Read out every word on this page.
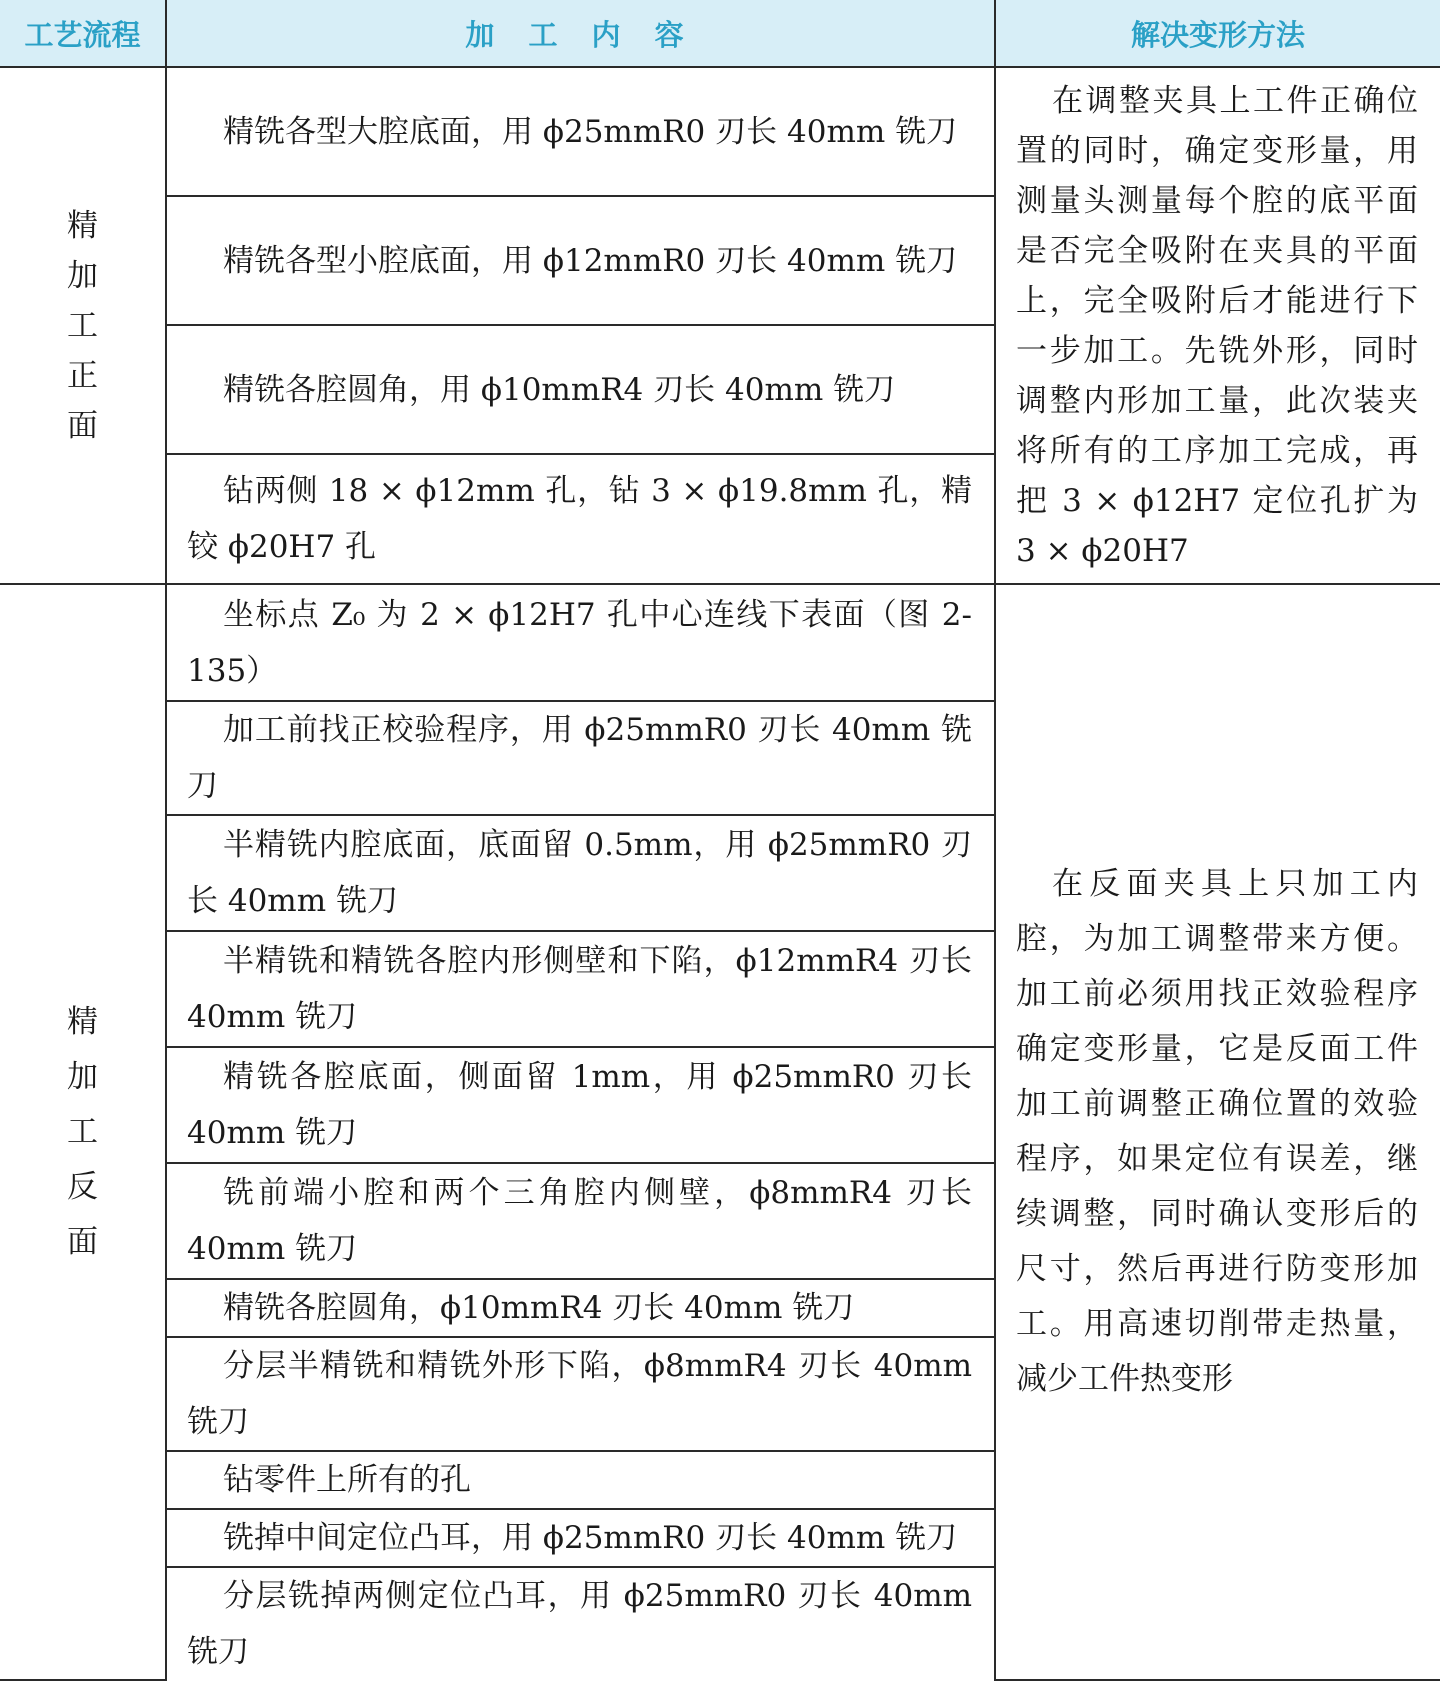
工艺流程	加 工 内 容	解决变形方法

精
加
工
正
面	精铣各型大腔底面，用 ϕ25mmR0 刃长 40mm 铣刀	在调整夹具上工件正确位置的同时，确定变形量，用测量头测量每个腔的底平面是否完全吸附在夹具的平面上，完全吸附后才能进行下一步加工。先铣外形，同时调整内形加工量，此次装夹将所有的工序加工完成，再把 3 × ϕ12H7 定位孔扩为 3 × ϕ20H7

	精铣各型小腔底面，用 ϕ12mmR0 刃长 40mm 铣刀	

	精铣各腔圆角，用 ϕ10mmR4 刃长 40mm 铣刀	

	钻两侧 18 × ϕ12mm 孔，钻 3 × ϕ19.8mm 孔，精铰 ϕ20H7 孔	

精
加
工
反
面	坐标点 Z₀ 为 2 × ϕ12H7 孔中心连线下表面（图 2-135）	在反面夹具上只加工内腔，为加工调整带来方便。加工前必须用找正效验程序确定变形量，它是反面工件加工前调整正确位置的效验程序，如果定位有误差，继续调整，同时确认变形后的尺寸，然后再进行防变形加工。用高速切削带走热量，减少工件热变形

	加工前找正校验程序，用 ϕ25mmR0 刃长 40mm 铣刀	

	半精铣内腔底面，底面留 0.5mm，用 ϕ25mmR0 刃长 40mm 铣刀	

	半精铣和精铣各腔内形侧壁和下陷，ϕ12mmR4 刃长 40mm 铣刀	

	精铣各腔底面，侧面留 1mm，用 ϕ25mmR0 刃长 40mm 铣刀	

	铣前端小腔和两个三角腔内侧壁，ϕ8mmR4 刃长 40mm 铣刀	

	精铣各腔圆角，ϕ10mmR4 刃长 40mm 铣刀	

	分层半精铣和精铣外形下陷，ϕ8mmR4 刃长 40mm 铣刀	

	钻零件上所有的孔	

	铣掉中间定位凸耳，用 ϕ25mmR0 刃长 40mm 铣刀	

	分层铣掉两侧定位凸耳，用 ϕ25mmR0 刃长 40mm 铣刀	
